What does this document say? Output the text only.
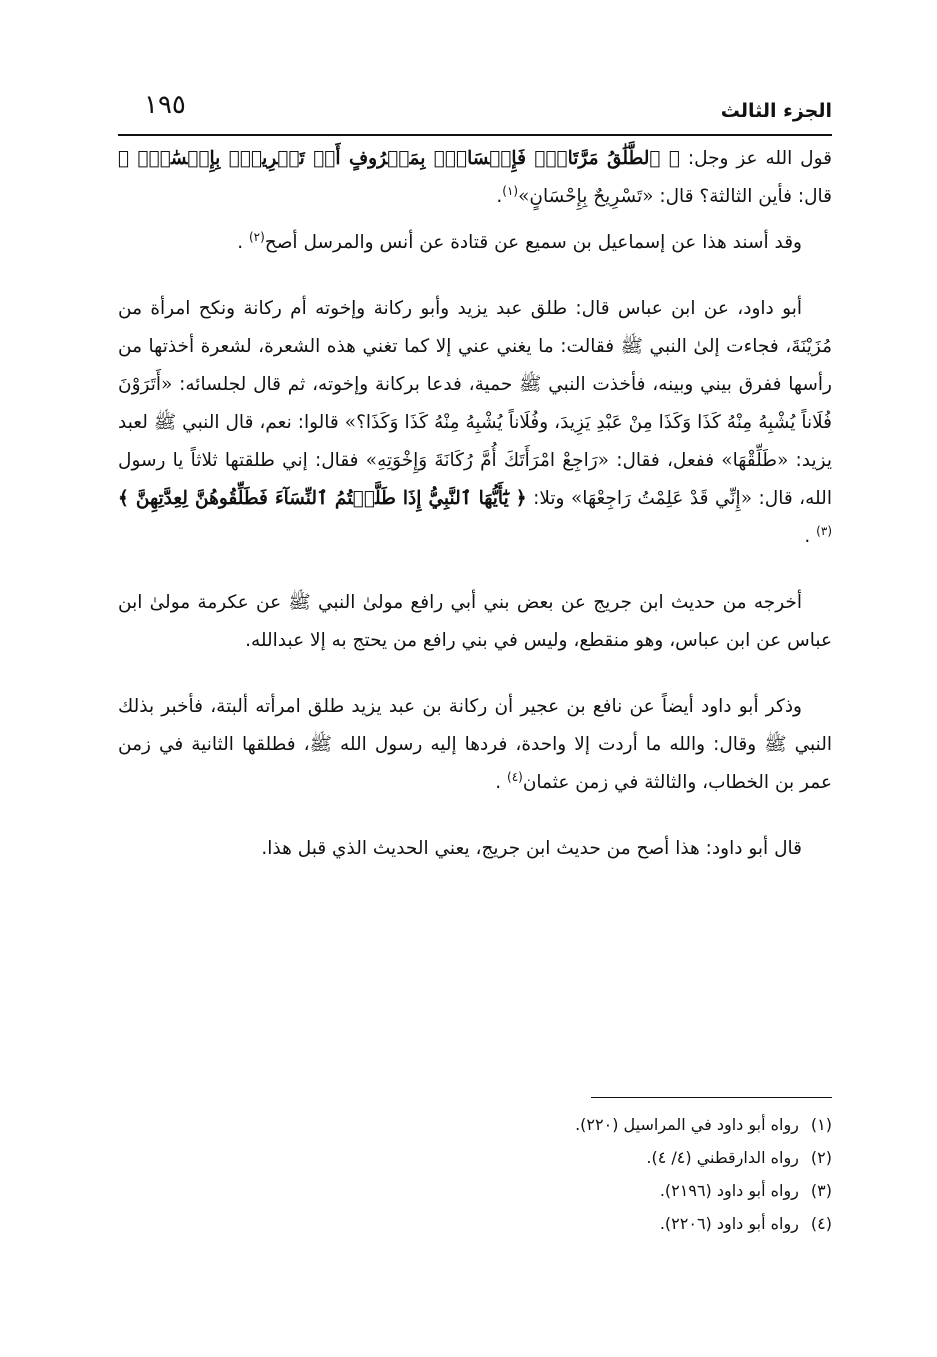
الجزء الثالث
١٩٥

قول الله عز وجل: ﴿ ٱلطَّلَٰقُ مَرَّتَانِۖ فَإِمۡسَاكُۢ بِمَعۡرُوفٍ أَوۡ تَسۡرِيحُۢ بِإِحۡسَٰنٖۗ ﴾ قال: فأين الثالثة؟ قال: «تَسْرِيحٌ بِإِحْسَانٍ»$^{(١)}$.

وقد أسند هذا عن إسماعيل بن سميع عن قتادة عن أنس والمرسل أصح$^{(٢)}$ .

أبو داود، عن ابن عباس قال: طلق عبد يزيد وأبو ركانة وإخوته أم ركانة ونكح امرأة من مُزَيْنَةَ، فجاءت إلىٰ النبي ﷺ فقالت: ما يغني عني إلا كما تغني هذه الشعرة، لشعرة أخذتها من رأسها ففرق بيني وبينه، فأخذت النبي ﷺ حمية، فدعا بركانة وإخوته، ثم قال لجلسائه: «أَتَرَوْنَ فُلَاناً يُشْبِهُ مِنْهُ كَذَا وَكَذَا مِنْ عَبْدِ يَزِيدَ، وفُلَاناً يُشْبِهُ مِنْهُ كَذَا وَكَذَا؟» قالوا: نعم، قال النبي ﷺ لعبد يزيد: «طَلِّقْهَا» ففعل، فقال: «رَاجِعْ امْرَأَتَكَ أُمَّ رُكَانَةَ وَإِخْوَتِهِ» فقال: إني طلقتها ثلاثاً يا رسول الله، قال: «إِنِّي قَدْ عَلِمْتُ رَاجِعْهَا» وتلا: ﴿ يَٰٓأَيُّهَا ٱلنَّبِيُّ إِذَا طَلَّقۡتُمُ ٱلنِّسَآءَ فَطَلِّقُوهُنَّ لِعِدَّتِهِنَّ ﴾$^{(٣)}$ .

أخرجه من حديث ابن جريج عن بعض بني أبي رافع مولىٰ النبي ﷺ عن عكرمة مولىٰ ابن عباس عن ابن عباس، وهو منقطع، وليس في بني رافع من يحتج به إلا عبدالله.

وذكر أبو داود أيضاً عن نافع بن عجير أن ركانة بن عبد يزيد طلق امرأته ألبتة، فأخبر بذلك النبي ﷺ وقال: والله ما أردت إلا واحدة، فردها إليه رسول الله ﷺ، فطلقها الثانية في زمن عمر بن الخطاب، والثالثة في زمن عثمان$^{(٤)}$ .

قال أبو داود: هذا أصح من حديث ابن جريج، يعني الحديث الذي قبل هذا.

(١) رواه أبو داود في المراسيل (٢٢٠).

(٢) رواه الدارقطني (٤/ ٤).

(٣) رواه أبو داود (٢١٩٦).

(٤) رواه أبو داود (٢٢٠٦).
